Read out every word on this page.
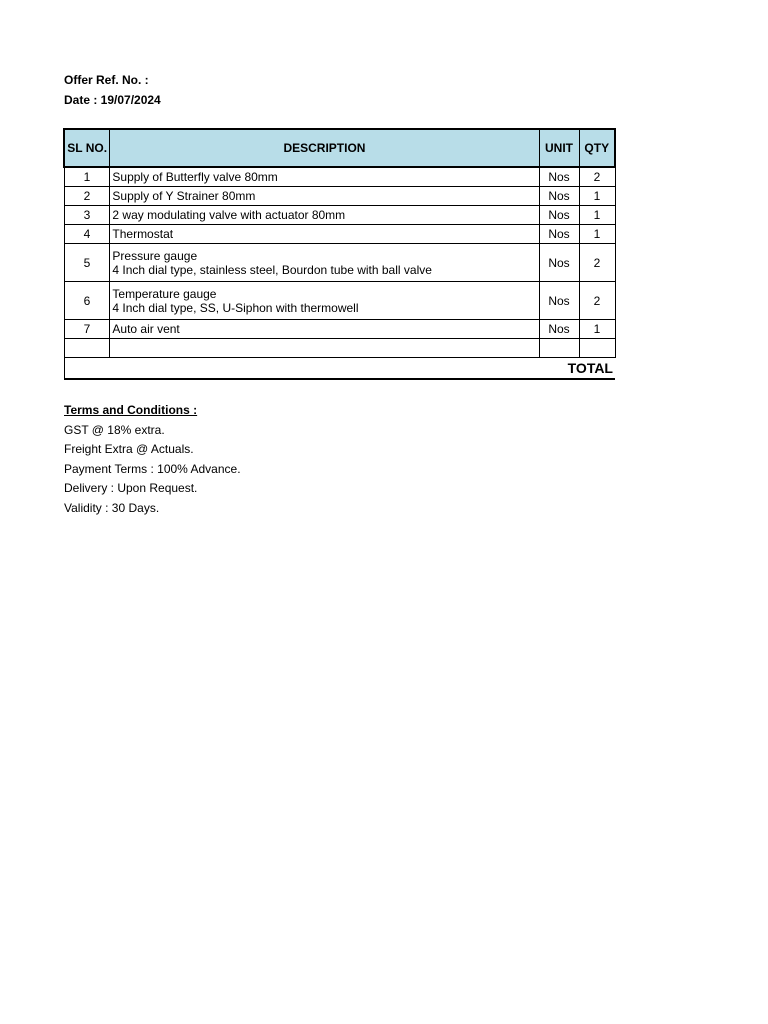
Offer Ref. No. :
Date : 19/07/2024
SL NO.	DESCRIPTION	UNIT	QTY
1	Supply of Butterfly valve 80mm	Nos	2
2	Supply of Y Strainer 80mm	Nos	1
3	2 way modulating valve with actuator 80mm	Nos	1
4	Thermostat	Nos	1
5	Pressure gauge
4 Inch dial type, stainless steel, Bourdon tube with ball valve	Nos	2
6	Temperature gauge
4 Inch dial type, SS, U-Siphon with thermowell	Nos	2
7	Auto air vent	Nos	1

TOTAL			
Terms and Conditions :
GST @ 18% extra.
Freight Extra @ Actuals.
Payment Terms : 100% Advance.
Delivery : Upon Request.
Validity : 30 Days.
